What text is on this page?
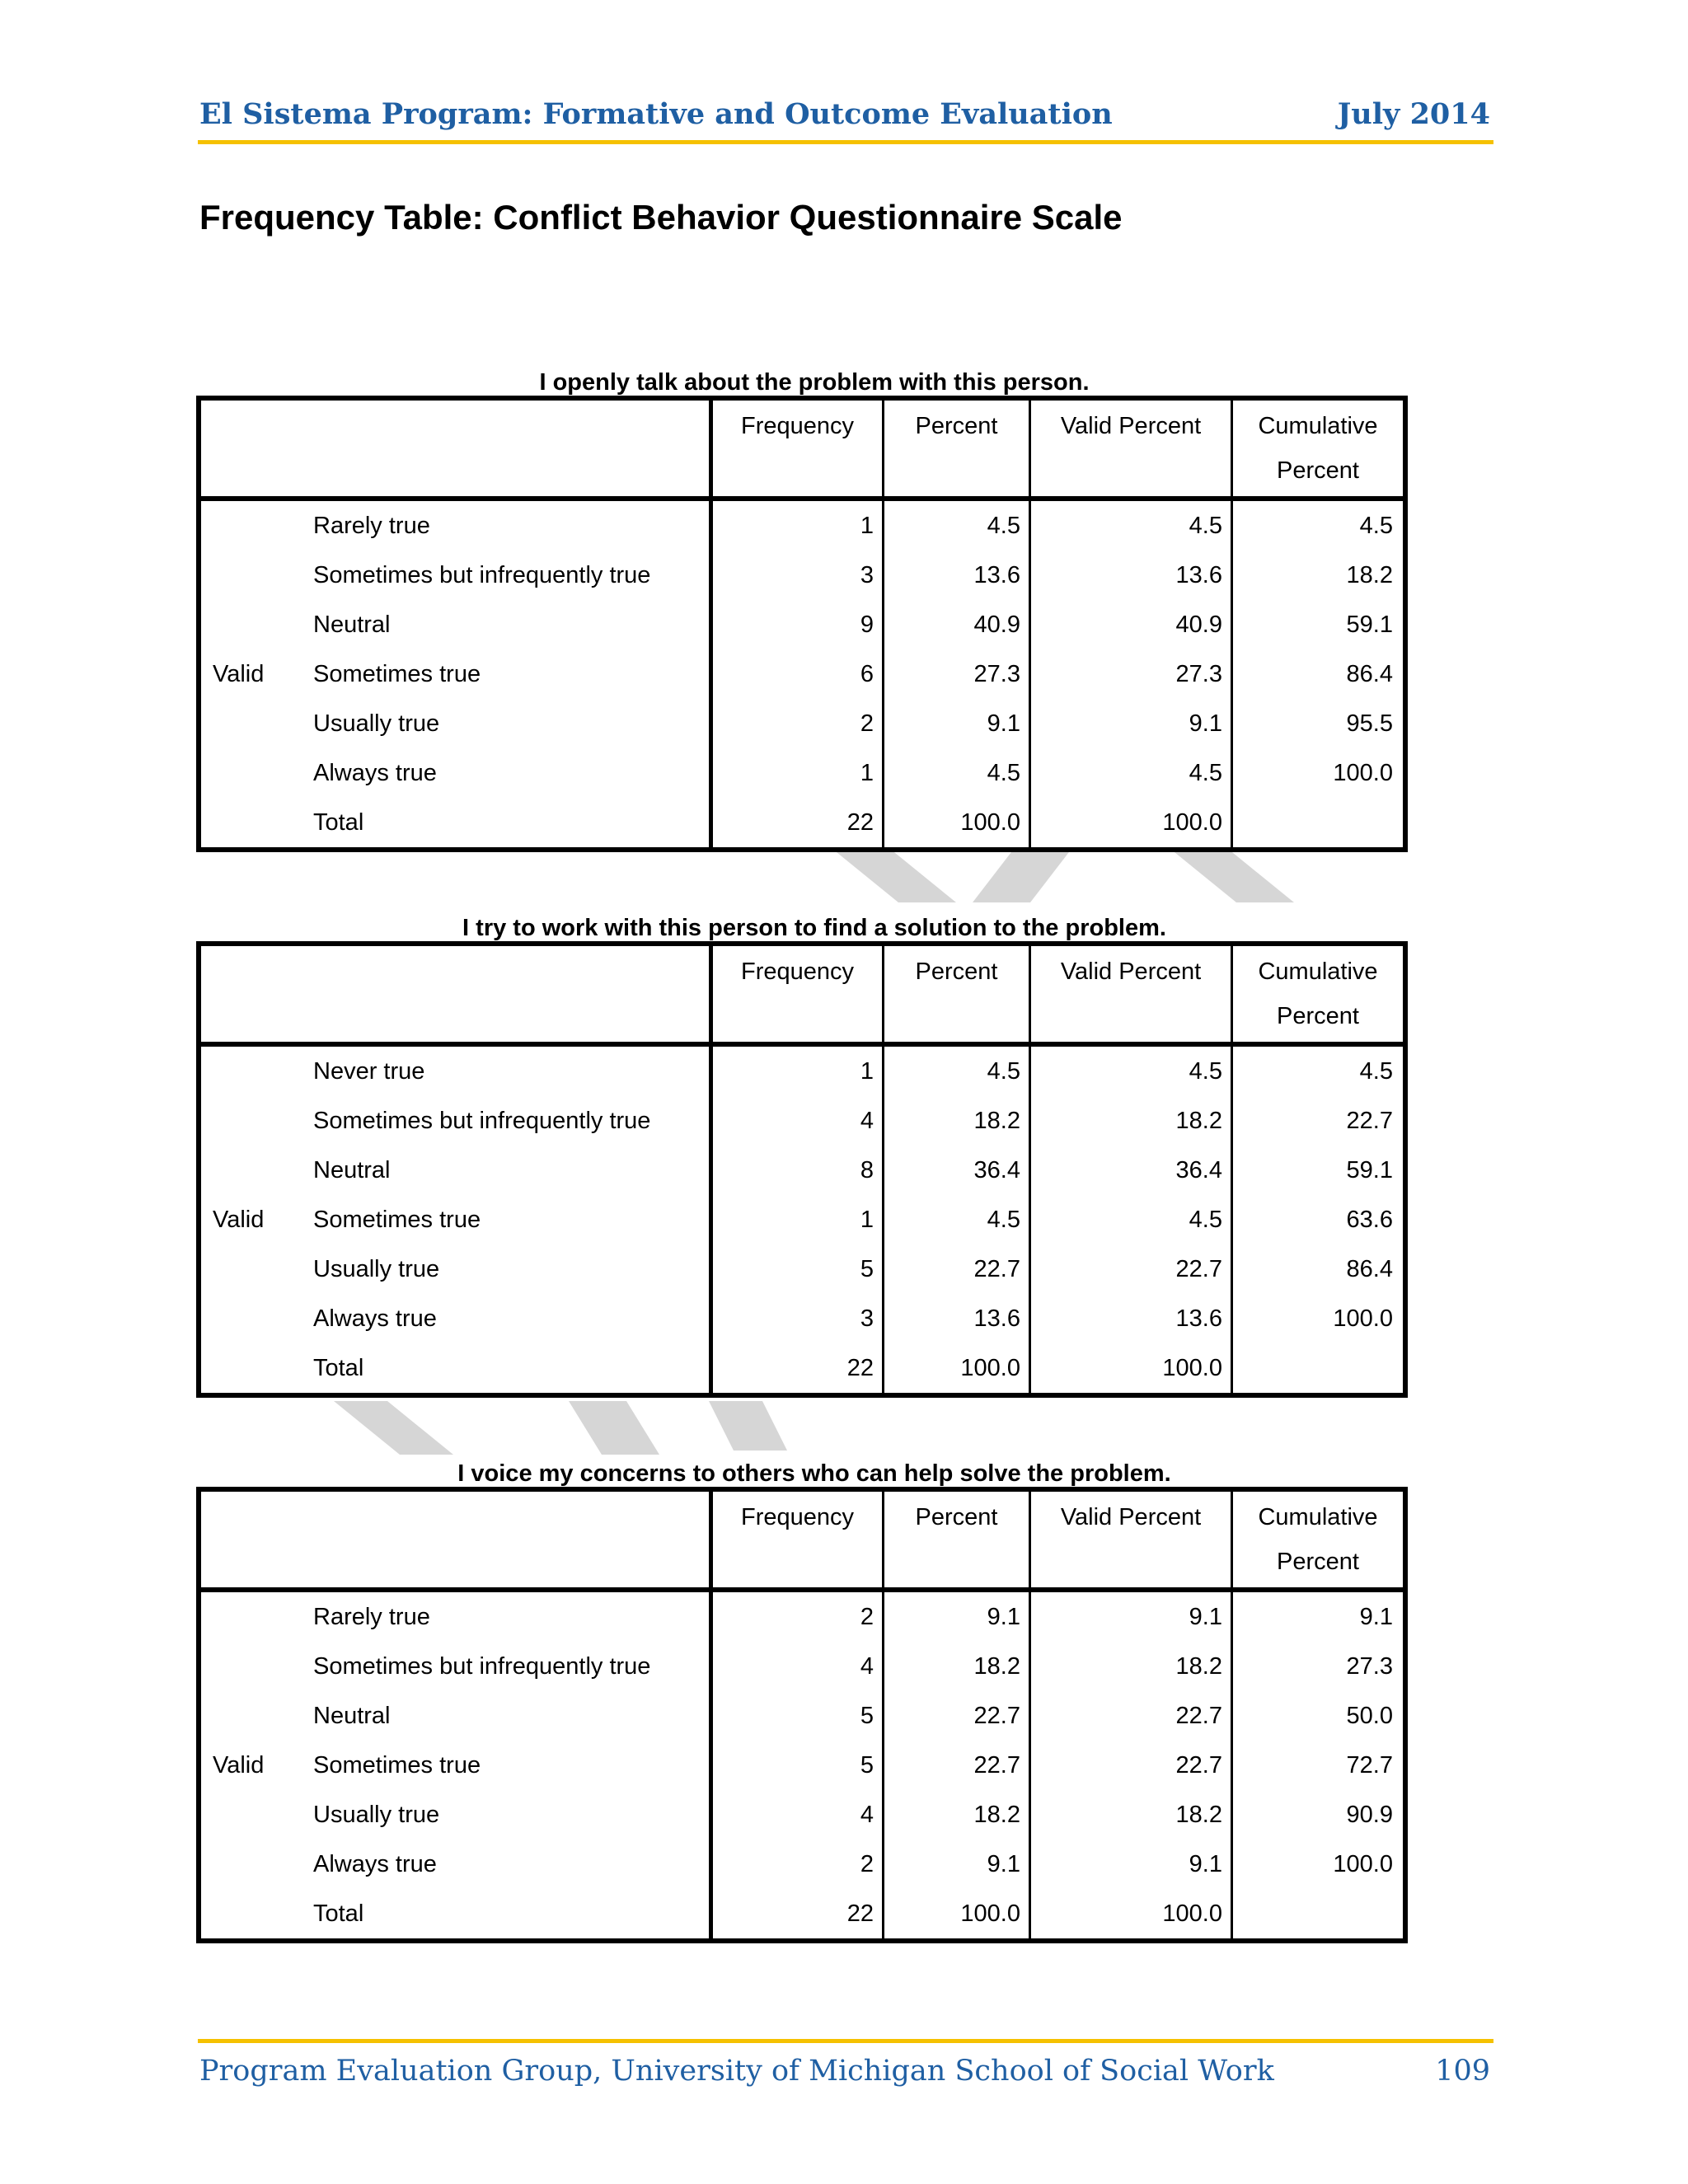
El Sistema Program: Formative and Outcome Evaluation	July 2014
Frequency Table: Conflict Behavior Questionnaire Scale
I openly talk about the problem with this person.
		Frequency	Percent	Valid Percent	Cumulative
Percent
Valid	Rarely true	1	4.5	4.5	4.5
	Sometimes but infrequently true	3	13.6	13.6	18.2
	Neutral	9	40.9	40.9	59.1
	Sometimes true	6	27.3	27.3	86.4
	Usually true	2	9.1	9.1	95.5
	Always true	1	4.5	4.5	100.0
	Total	22	100.0	100.0	
I try to work with this person to find a solution to the problem.
		Frequency	Percent	Valid Percent	Cumulative
Percent
Valid	Never true	1	4.5	4.5	4.5
	Sometimes but infrequently true	4	18.2	18.2	22.7
	Neutral	8	36.4	36.4	59.1
	Sometimes true	1	4.5	4.5	63.6
	Usually true	5	22.7	22.7	86.4
	Always true	3	13.6	13.6	100.0
	Total	22	100.0	100.0	
I voice my concerns to others who can help solve the problem.
		Frequency	Percent	Valid Percent	Cumulative
Percent
Valid	Rarely true	2	9.1	9.1	9.1
	Sometimes but infrequently true	4	18.2	18.2	27.3
	Neutral	5	22.7	22.7	50.0
	Sometimes true	5	22.7	22.7	72.7
	Usually true	4	18.2	18.2	90.9
	Always true	2	9.1	9.1	100.0
	Total	22	100.0	100.0	
Program Evaluation Group, University of Michigan School of Social Work	109
